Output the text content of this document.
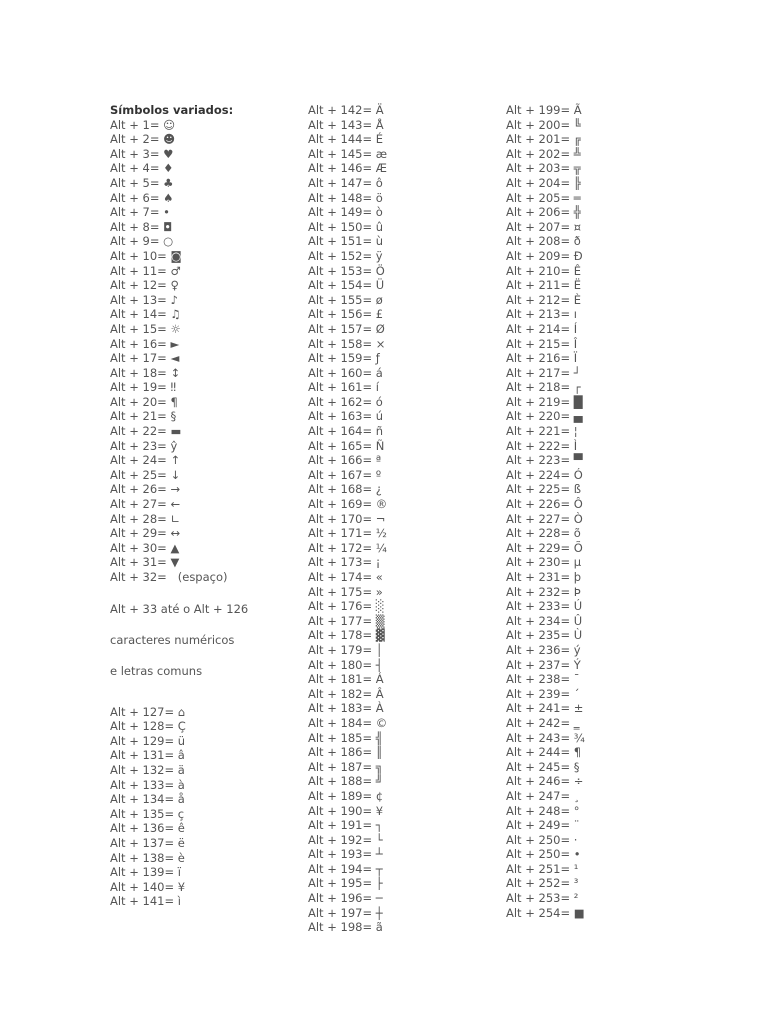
Símbolos variados:
Alt + 1= ☺
Alt + 2= ☻
Alt + 3= ♥
Alt + 4= ♦
Alt + 5= ♣
Alt + 6= ♠
Alt + 7= •
Alt + 8= ◘
Alt + 9= ○
Alt + 10= ◙
Alt + 11= ♂
Alt + 12= ♀
Alt + 13= ♪
Alt + 14= ♫
Alt + 15= ☼
Alt + 16= ►
Alt + 17= ◄
Alt + 18= ↕
Alt + 19= ‼
Alt + 20= ¶
Alt + 21= §
Alt + 22= ▬
Alt + 23= ŷ
Alt + 24= ↑
Alt + 25= ↓
Alt + 26= →
Alt + 27= ←
Alt + 28= ∟
Alt + 29= ↔
Alt + 30= ▲
Alt + 31= ▼
Alt + 32=   (espaço)
Alt + 33 até o Alt + 126
caracteres numéricos
e letras comuns
Alt + 127= ⌂
Alt + 128= Ç
Alt + 129= ü
Alt + 131= â
Alt + 132= ä
Alt + 133= à
Alt + 134= å
Alt + 135= ç
Alt + 136= ê
Alt + 137= ë
Alt + 138= è
Alt + 139= ï
Alt + 140= ¥
Alt + 141= ì
Alt + 142= Ä
Alt + 143= Å
Alt + 144= É
Alt + 145= æ
Alt + 146= Æ
Alt + 147= ô
Alt + 148= ö
Alt + 149= ò
Alt + 150= û
Alt + 151= ù
Alt + 152= ÿ
Alt + 153= Ö
Alt + 154= Ü
Alt + 155= ø
Alt + 156= £
Alt + 157= Ø
Alt + 158= ×
Alt + 159= ƒ
Alt + 160= á
Alt + 161= í
Alt + 162= ó
Alt + 163= ú
Alt + 164= ñ
Alt + 165= Ñ
Alt + 166= ª
Alt + 167= º
Alt + 168= ¿
Alt + 169= ®
Alt + 170= ¬
Alt + 171= ½
Alt + 172= ¼
Alt + 173= ¡
Alt + 174= «
Alt + 175= »
Alt + 176= ░
Alt + 177= ▒
Alt + 178= ▓
Alt + 179= │
Alt + 180= ┤
Alt + 181= Á
Alt + 182= Â
Alt + 183= À
Alt + 184= ©
Alt + 185= ╣
Alt + 186= ║
Alt + 187= ╗
Alt + 188= ╝
Alt + 189= ¢
Alt + 190= ¥
Alt + 191= ┐
Alt + 192= └
Alt + 193= ┴
Alt + 194= ┬
Alt + 195= ├
Alt + 196= ─
Alt + 197= ┼
Alt + 198= ã
Alt + 199= Ã
Alt + 200= ╚
Alt + 201= ╔
Alt + 202= ╩
Alt + 203= ╦
Alt + 204= ╠
Alt + 205= ═
Alt + 206= ╬
Alt + 207= ¤
Alt + 208= ð
Alt + 209= Ð
Alt + 210= Ê
Alt + 211= Ë
Alt + 212= È
Alt + 213= ı
Alt + 214= Í
Alt + 215= Î
Alt + 216= Ï
Alt + 217= ┘
Alt + 218= ┌
Alt + 219= █
Alt + 220= ▄
Alt + 221= ¦
Alt + 222= Ì
Alt + 223= ▀
Alt + 224= Ó
Alt + 225= ß
Alt + 226= Ô
Alt + 227= Ò
Alt + 228= õ
Alt + 229= Õ
Alt + 230= µ
Alt + 231= þ
Alt + 232= Þ
Alt + 233= Ú
Alt + 234= Û
Alt + 235= Ù
Alt + 236= ý
Alt + 237= Ý
Alt + 238= ¯
Alt + 239= ´
Alt + 241= ±
Alt + 242= ‗
Alt + 243= ¾
Alt + 244= ¶
Alt + 245= §
Alt + 246= ÷
Alt + 247= ¸
Alt + 248= °
Alt + 249= ¨
Alt + 250= ·
Alt + 250= •
Alt + 251= ¹
Alt + 252= ³
Alt + 253= ²
Alt + 254= ■
